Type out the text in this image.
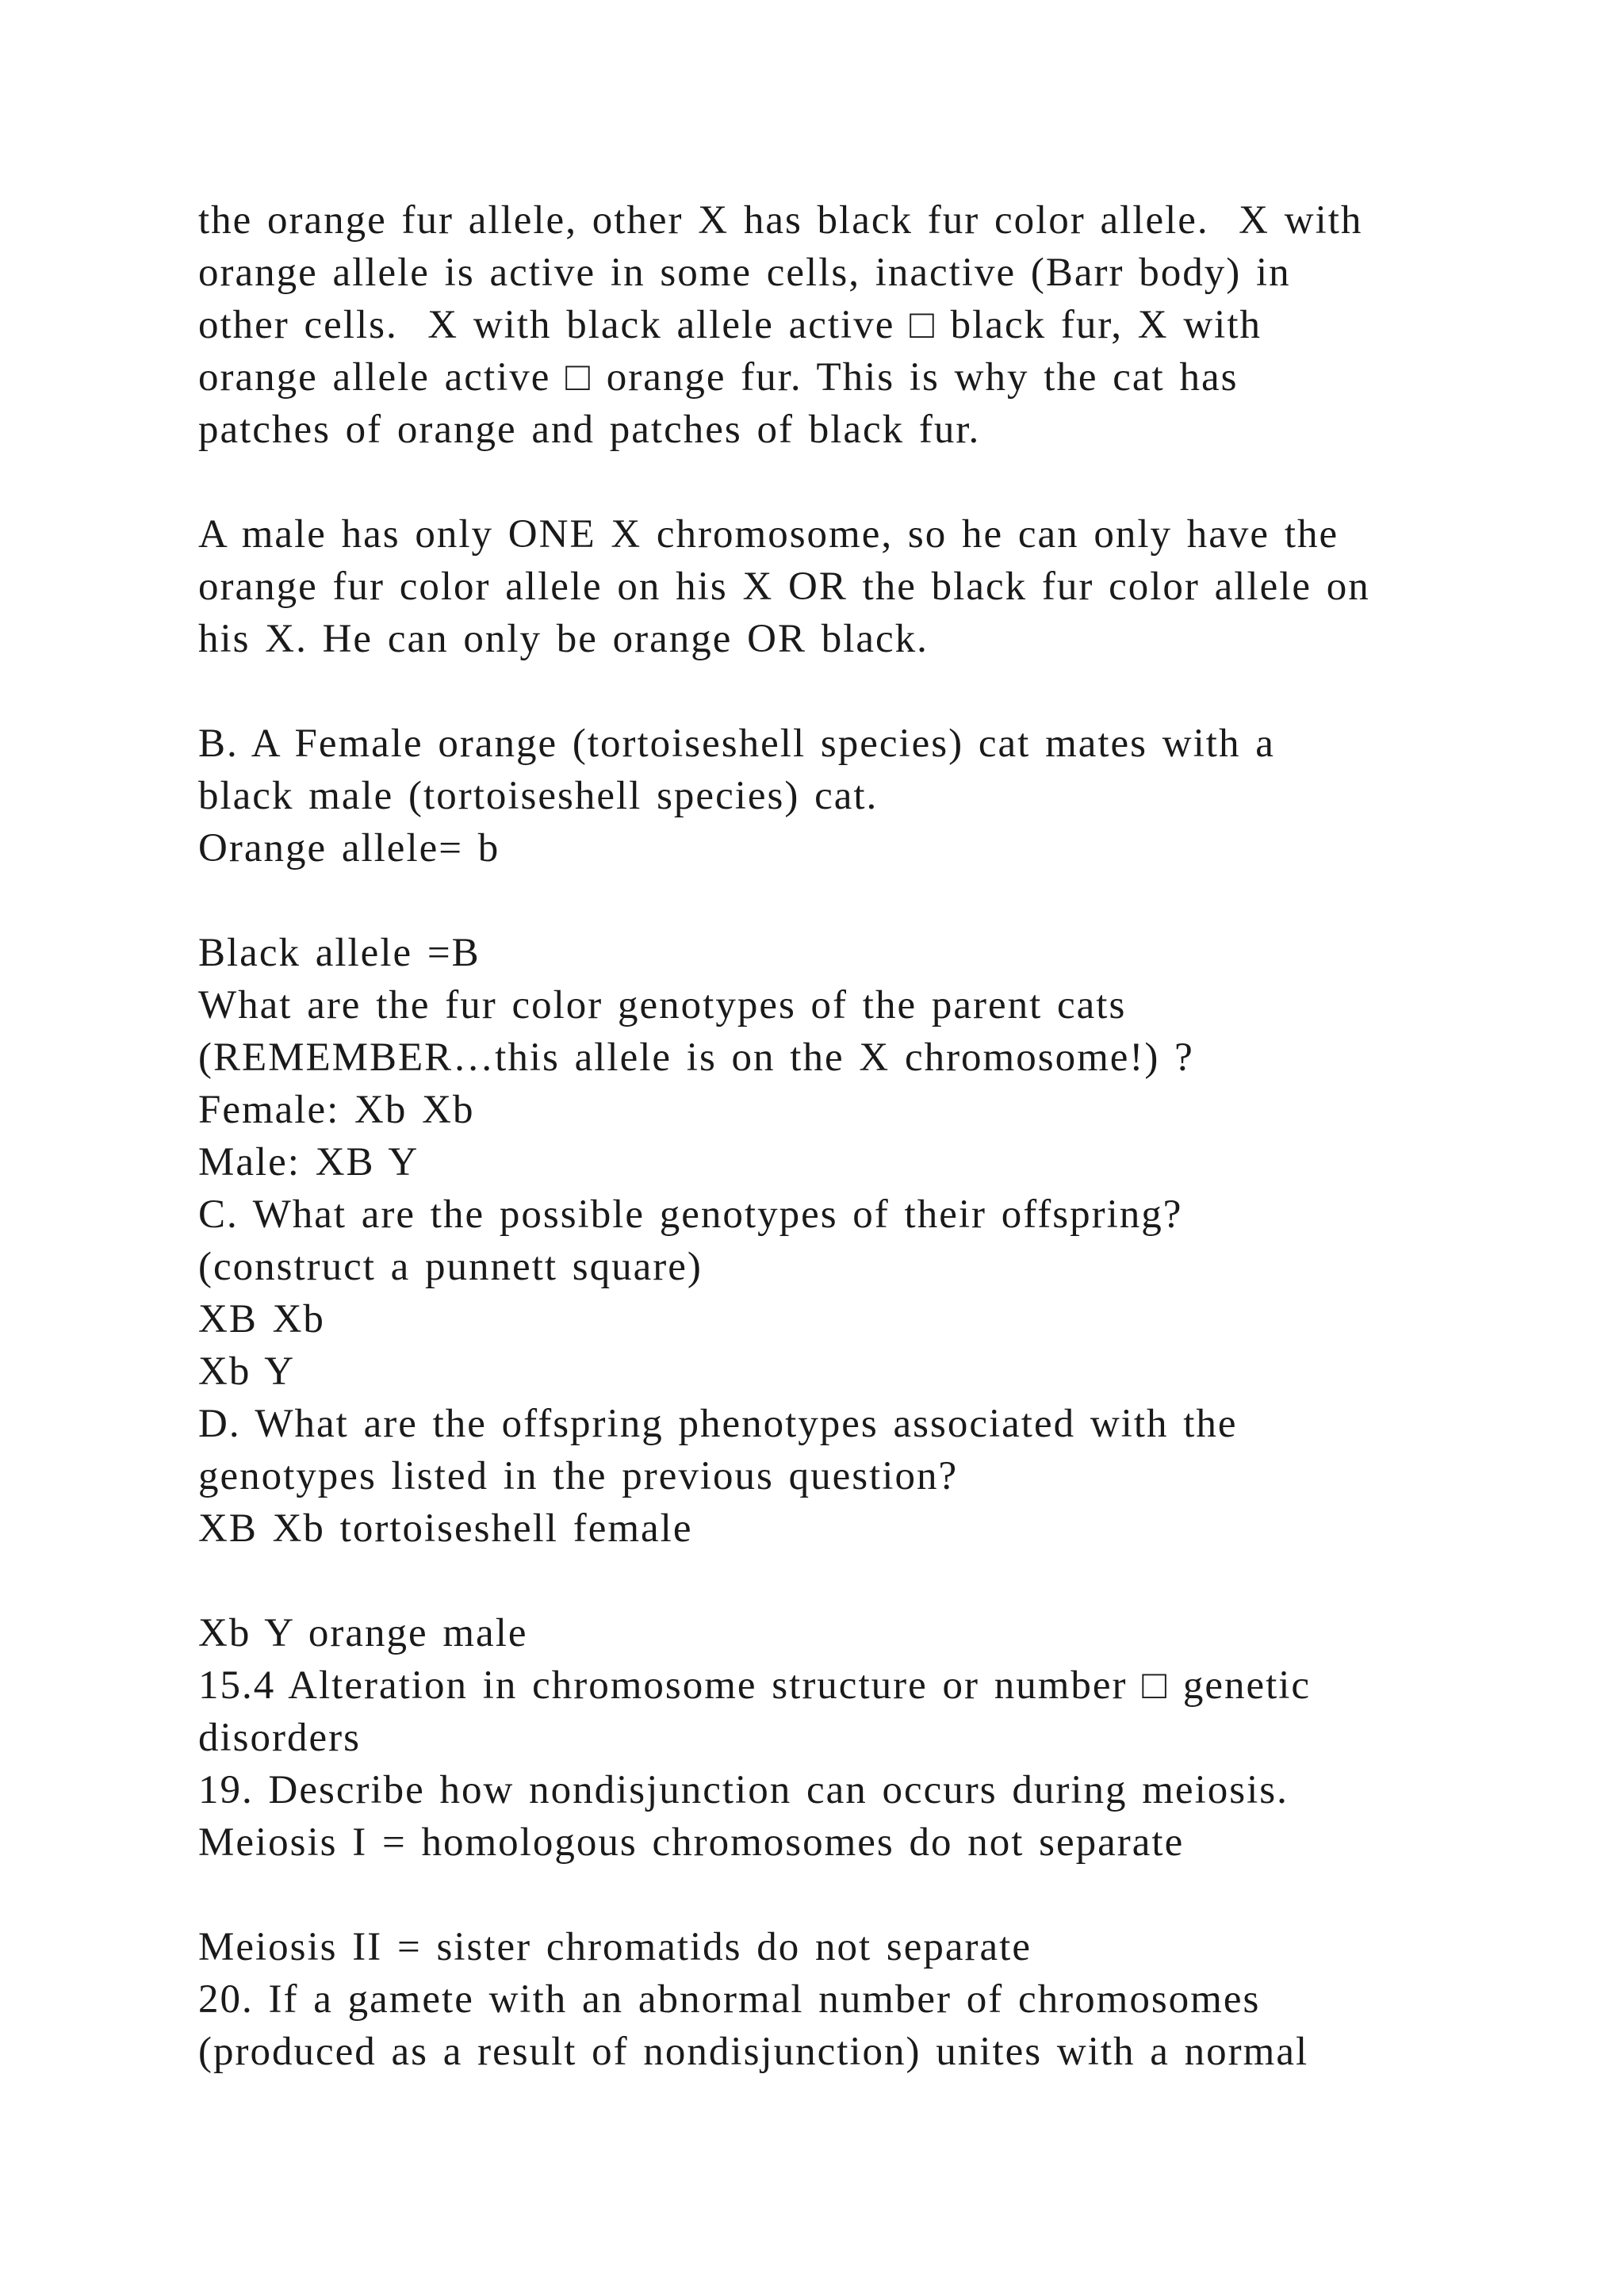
the orange fur allele, other X has black fur color allele.  X with
orange allele is active in some cells, inactive (Barr body) in
other cells.  X with black allele active □ black fur, X with
orange allele active □ orange fur. This is why the cat has
patches of orange and patches of black fur.
A male has only ONE X chromosome, so he can only have the
orange fur color allele on his X OR the black fur color allele on
his X. He can only be orange OR black.
B. A Female orange (tortoiseshell species) cat mates with a
black male (tortoiseshell species) cat.
Orange allele= b
Black allele =B
What are the fur color genotypes of the parent cats
(REMEMBER…this allele is on the X chromosome!) ?
Female: Xb Xb
Male: XB Y
C. What are the possible genotypes of their offspring?
(construct a punnett square)
XB Xb
Xb Y
D. What are the offspring phenotypes associated with the
genotypes listed in the previous question?
XB Xb tortoiseshell female
Xb Y orange male
15.4 Alteration in chromosome structure or number □ genetic
disorders
19. Describe how nondisjunction can occurs during meiosis.
Meiosis I = homologous chromosomes do not separate
Meiosis II = sister chromatids do not separate
20. If a gamete with an abnormal number of chromosomes
(produced as a result of nondisjunction) unites with a normal
